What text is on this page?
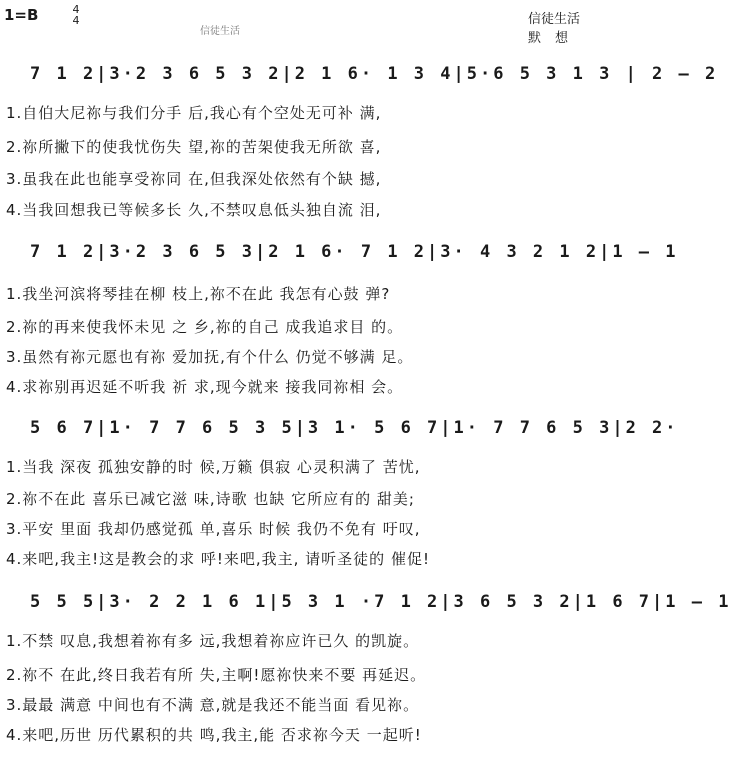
1=B	4
4
信徒生活
信徒生活
默想
7 1 2|3·2 3 6 5 3 2|2 1 6· 1 3 4|5·6 5 3 1 3 | 2 — 2
1.自伯大尼祢与我们分手 后,我心有个空处无可补 满,
2.祢所撇下的使我忧伤失 望,祢的苦架使我无所欲 喜,
3.虽我在此也能享受祢同 在,但我深处依然有个缺 撼,
4.当我回想我已等候多长 久,不禁叹息低头独自流 泪,
7 1 2|3·2 3 6 5 3|2 1 6· 7 1 2|3· 4 3 2 1 2|1 — 1
1.我坐河滨将琴挂在柳 枝上,祢不在此 我怎有心鼓 弹?
2.祢的再来使我怀未见 之 乡,祢的自己 成我追求目 的。
3.虽然有祢元愿也有祢 爱加抚,有个什么 仍觉不够满 足。
4.求祢别再迟延不听我 祈 求,现今就来 接我同祢相 会。
5 6 7|1· 7 7 6 5 3 5|3 1· 5 6 7|1· 7 7 6 5 3|2 2·
1.当我 深夜 孤独安静的时 候,万籁 俱寂 心灵积满了 苦忧,
2.祢不在此 喜乐已减它滋 味,诗歌 也缺 它所应有的 甜美;
3.平安 里面 我却仍感觉孤 单,喜乐 时候 我仍不免有 吁叹,
4.来吧,我主!这是教会的求 呼!来吧,我主, 请听圣徒的 催促!
5 5 5|3· 2 2 1 6 1|5 3 1 ·7 1 2|3 6 5 3 2|1 6 7|1 — 1
1.不禁 叹息,我想着祢有多 远,我想着祢应许已久 的凯旋。
2.祢不 在此,终日我若有所 失,主啊!愿祢快来不要 再延迟。
3.最最 满意 中间也有不满 意,就是我还不能当面 看见祢。
4.来吧,历世 历代累积的共 鸣,我主,能 否求祢今天 一起听!
